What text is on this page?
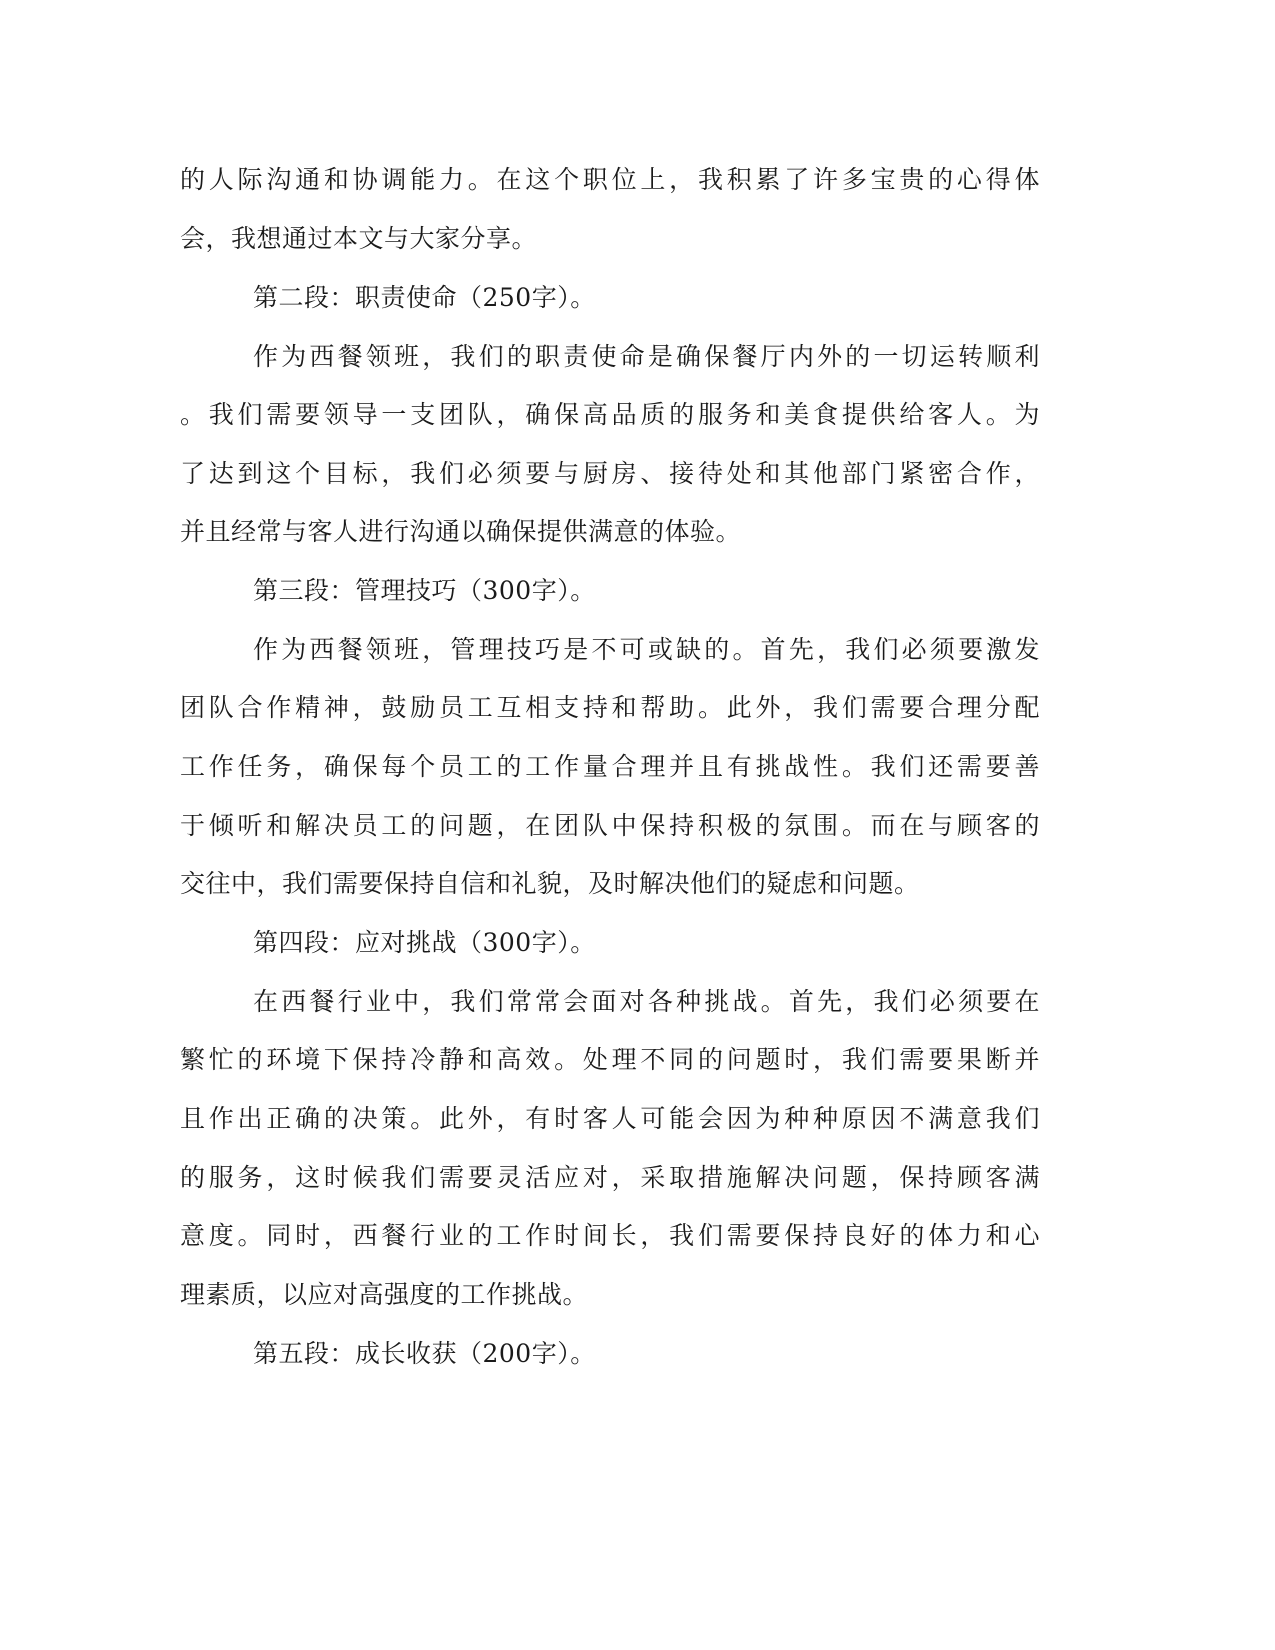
的人际沟通和协调能力。在这个职位上，我积累了许多宝贵的心得体
会，我想通过本文与大家分享。
第二段：职责使命（250字）。
作为西餐领班，我们的职责使命是确保餐厅内外的一切运转顺利
。我们需要领导一支团队，确保高品质的服务和美食提供给客人。为
了达到这个目标，我们必须要与厨房、接待处和其他部门紧密合作，
并且经常与客人进行沟通以确保提供满意的体验。
第三段：管理技巧（300字）。
作为西餐领班，管理技巧是不可或缺的。首先，我们必须要激发
团队合作精神，鼓励员工互相支持和帮助。此外，我们需要合理分配
工作任务，确保每个员工的工作量合理并且有挑战性。我们还需要善
于倾听和解决员工的问题，在团队中保持积极的氛围。而在与顾客的
交往中，我们需要保持自信和礼貌，及时解决他们的疑虑和问题。
第四段：应对挑战（300字）。
在西餐行业中，我们常常会面对各种挑战。首先，我们必须要在
繁忙的环境下保持冷静和高效。处理不同的问题时，我们需要果断并
且作出正确的决策。此外，有时客人可能会因为种种原因不满意我们
的服务，这时候我们需要灵活应对，采取措施解决问题，保持顾客满
意度。同时，西餐行业的工作时间长，我们需要保持良好的体力和心
理素质，以应对高强度的工作挑战。
第五段：成长收获（200字）。
